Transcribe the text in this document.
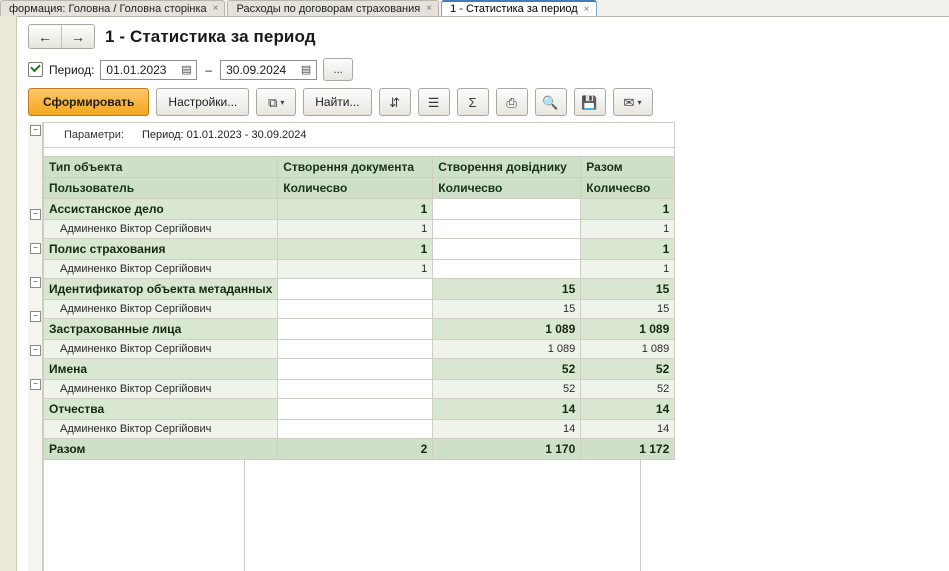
формация: Головна / Головна сторінка × Расходы по договорам страхования × 1 - Статистика за период ×
←	→	1 - Статистика за период
Период: 01.01.2023	▤ – 30.09.2024	▤	...
Сформировать	Настройки...	⧉ ▾	Найти...	⇵ ☰ Σ ⎙ 🔍 💾 ✉ ▾
−
−
−
−
−
−
−
Параметри: Период: 01.01.2023 - 30.09.2024			

Тип объекта	Створення документа	Створення довіднику	Разом
Пользователь	Количесво	Количесво	Количесво
Ассистанское дело	1		1
Админенко Віктор Сергійович	1		1
Полис страхования	1		1
Админенко Віктор Сергійович	1		1
Идентификатор объекта метаданных		15	15
Админенко Віктор Сергійович		15	15
Застрахованные лица		1 089	1 089
Админенко Віктор Сергійович		1 089	1 089
Имена		52	52
Админенко Віктор Сергійович		52	52
Отчества		14	14
Админенко Віктор Сергійович		14	14
Разом	2	1 170	1 172
